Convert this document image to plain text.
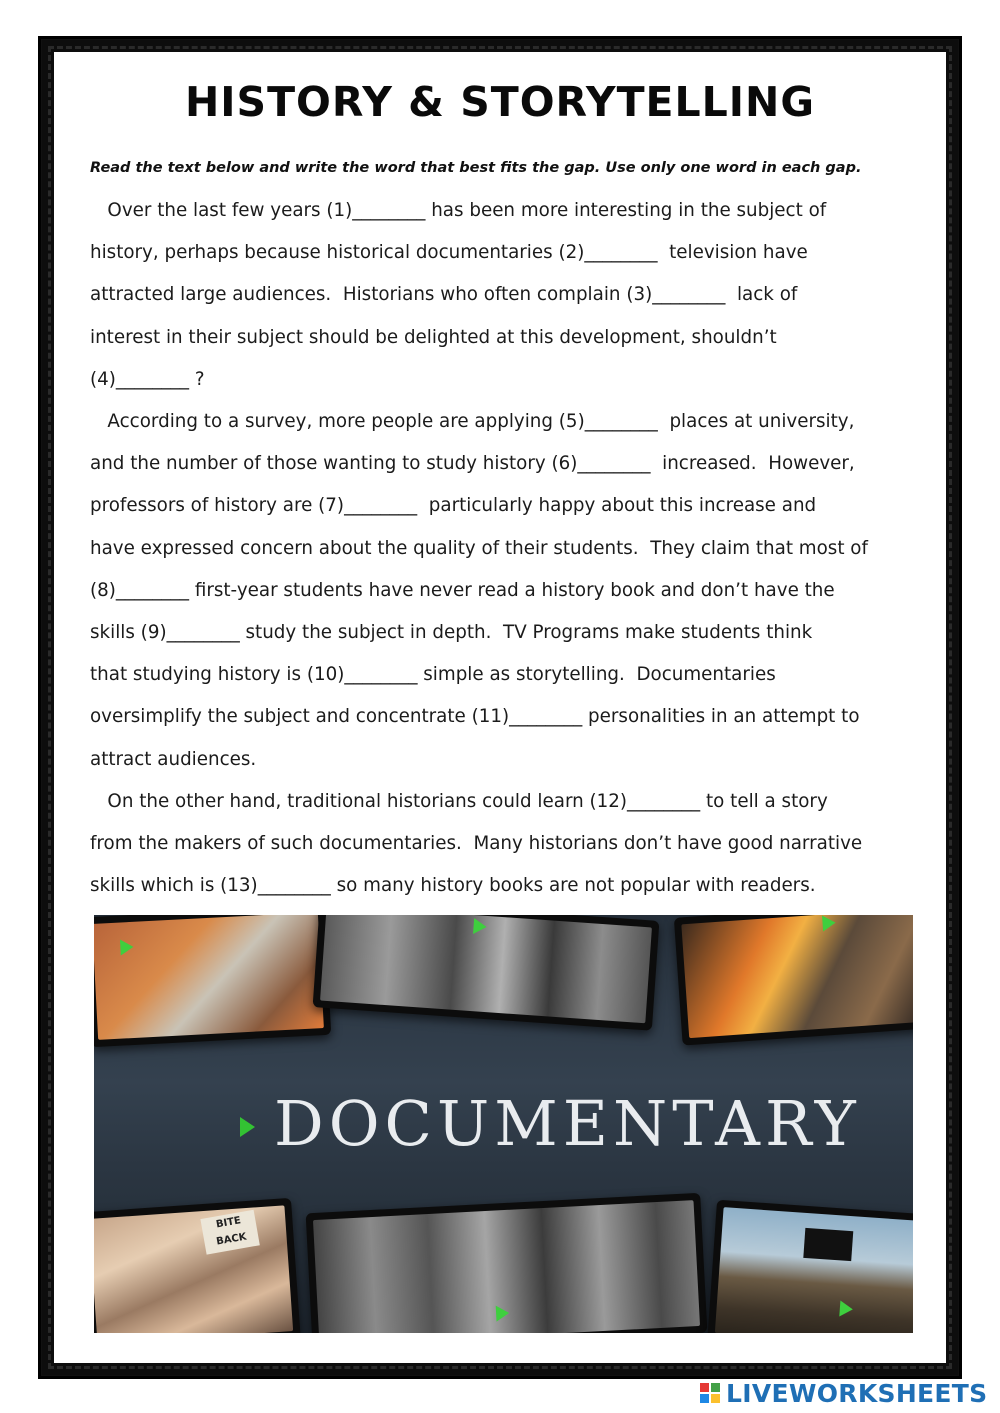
HISTORY & STORYTELLING
Read the text below and write the word that best fits the gap. Use only one word in each gap.
Over the last few years (1)________ has been more interesting in the subject of
history, perhaps because historical documentaries (2)________  television have
attracted large audiences.  Historians who often complain (3)________  lack of
interest in their subject should be delighted at this development, shouldn’t
(4)________ ?
According to a survey, more people are applying (5)________  places at university,
and the number of those wanting to study history (6)________  increased.  However,
professors of history are (7)________  particularly happy about this increase and
have expressed concern about the quality of their students.  They claim that most of
(8)________ first-year students have never read a history book and don’t have the
skills (9)________ study the subject in depth.  TV Programs make students think
that studying history is (10)________ simple as storytelling.  Documentaries
oversimplify the subject and concentrate (11)________ personalities in an attempt to
attract audiences.
On the other hand, traditional historians could learn (12)________ to tell a story
from the makers of such documentaries.  Many historians don’t have good narrative
skills which is (13)________ so many history books are not popular with readers.
DOCUMENTARY
BITE BACK
LIVEWORKSHEETS
